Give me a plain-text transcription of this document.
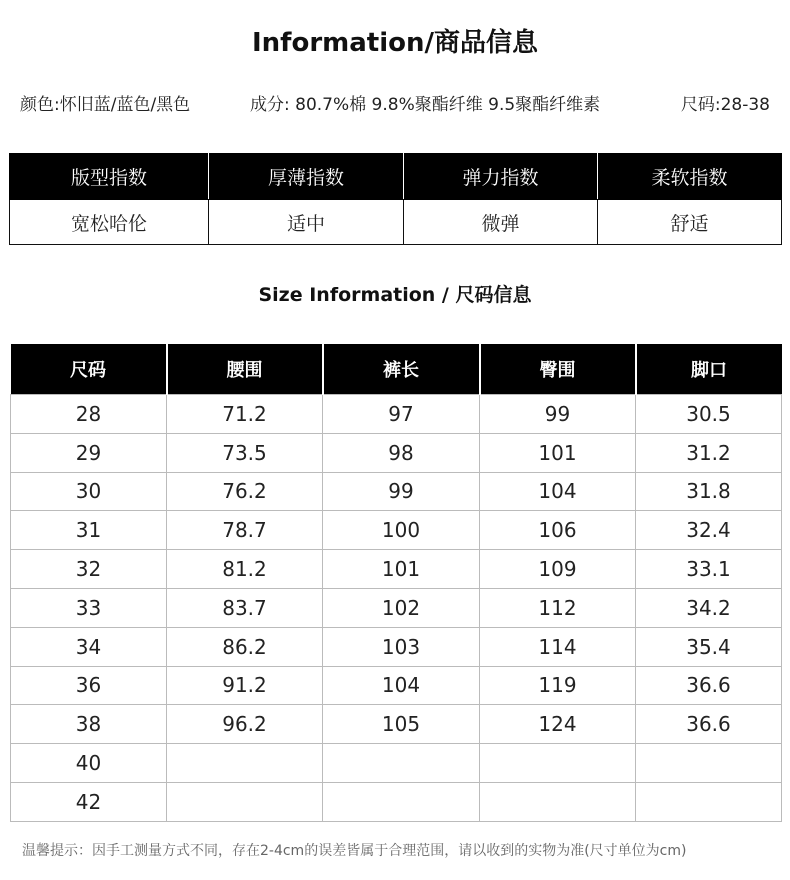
Information/商品信息
颜色:怀旧蓝/蓝色/黑色	成分: 80.7%棉 9.8%聚酯纤维 9.5聚酯纤维素	尺码:28-38
版型指数	厚薄指数	弹力指数	柔软指数
宽松哈伦	适中	微弹	舒适
Size Information / 尺码信息
尺码	腰围	裤长	臀围	脚口
28	71.2	97	99	30.5
29	73.5	98	101	31.2
30	76.2	99	104	31.8
31	78.7	100	106	32.4
32	81.2	101	109	33.1
33	83.7	102	112	34.2
34	86.2	103	114	35.4
36	91.2	104	119	36.6
38	96.2	105	124	36.6
40				
42				
温馨提示：因手工测量方式不同，存在2-4cm的误差皆属于合理范围，请以收到的实物为准(尺寸单位为cm)
